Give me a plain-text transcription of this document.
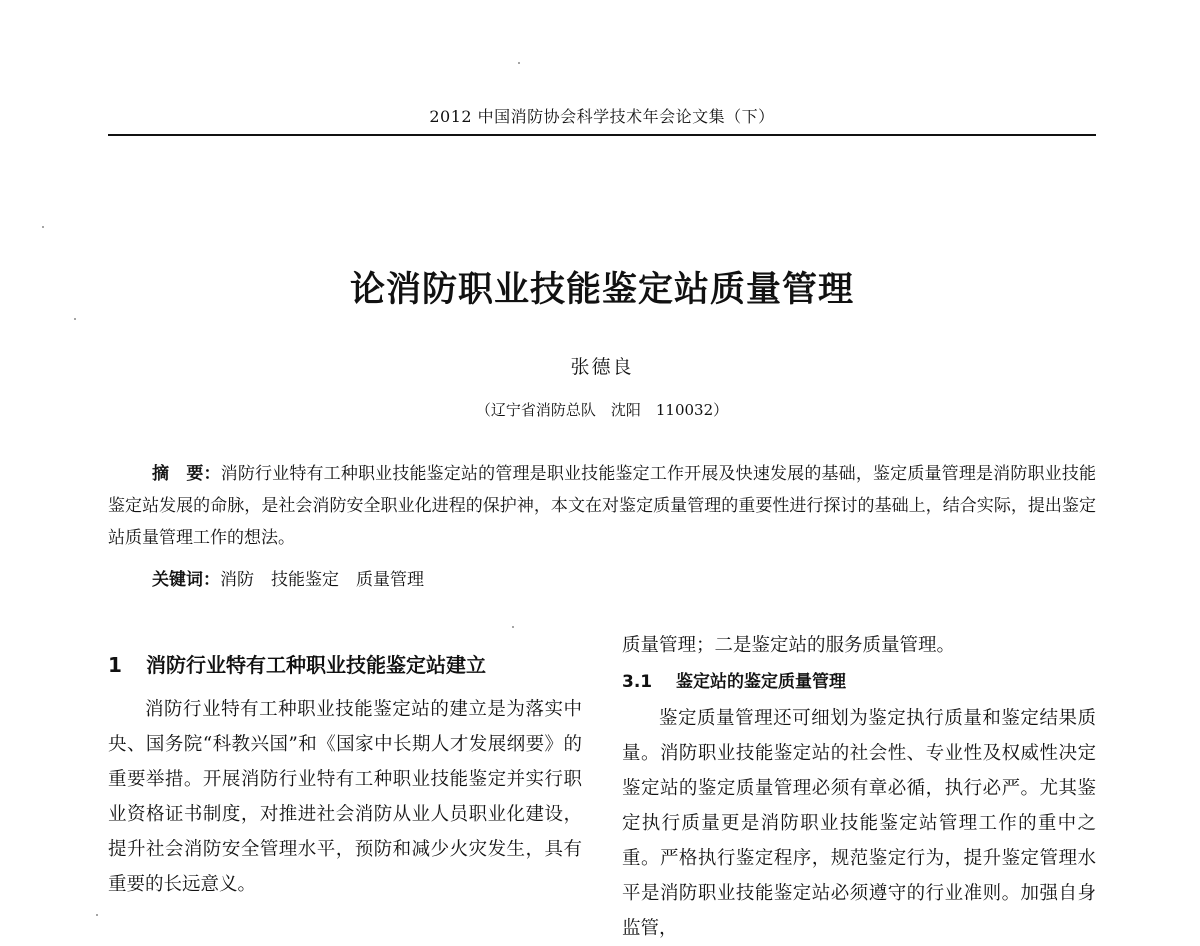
2012 中国消防协会科学技术年会论文集（下）
论消防职业技能鉴定站质量管理
张德良
（辽宁省消防总队　沈阳　110032）

摘　要：消防行业特有工种职业技能鉴定站的管理是职业技能鉴定工作开展及快速发展的基础，鉴定质量管理是消防职业技能鉴定站发展的命脉，是社会消防安全职业化进程的保护神，本文在对鉴定质量管理的重要性进行探讨的基础上，结合实际，提出鉴定站质量管理工作的想法。

关键词：消防　技能鉴定　质量管理

1 消防行业特有工种职业技能鉴定站建立

消防行业特有工种职业技能鉴定站的建立是为落实中央、国务院“科教兴国”和《国家中长期人才发展纲要》的重要举措。开展消防行业特有工种职业技能鉴定并实行职业资格证书制度，对推进社会消防从业人员职业化建设，提升社会消防安全管理水平，预防和减少火灾发生，具有重要的长远意义。

质量管理；二是鉴定站的服务质量管理。

3.1 鉴定站的鉴定质量管理

鉴定质量管理还可细划为鉴定执行质量和鉴定结果质量。消防职业技能鉴定站的社会性、专业性及权威性决定鉴定站的鉴定质量管理必须有章必循，执行必严。尤其鉴定执行质量更是消防职业技能鉴定站管理工作的重中之重。严格执行鉴定程序，规范鉴定行为，提升鉴定管理水平是消防职业技能鉴定站必须遵守的行业准则。加强自身监管，
